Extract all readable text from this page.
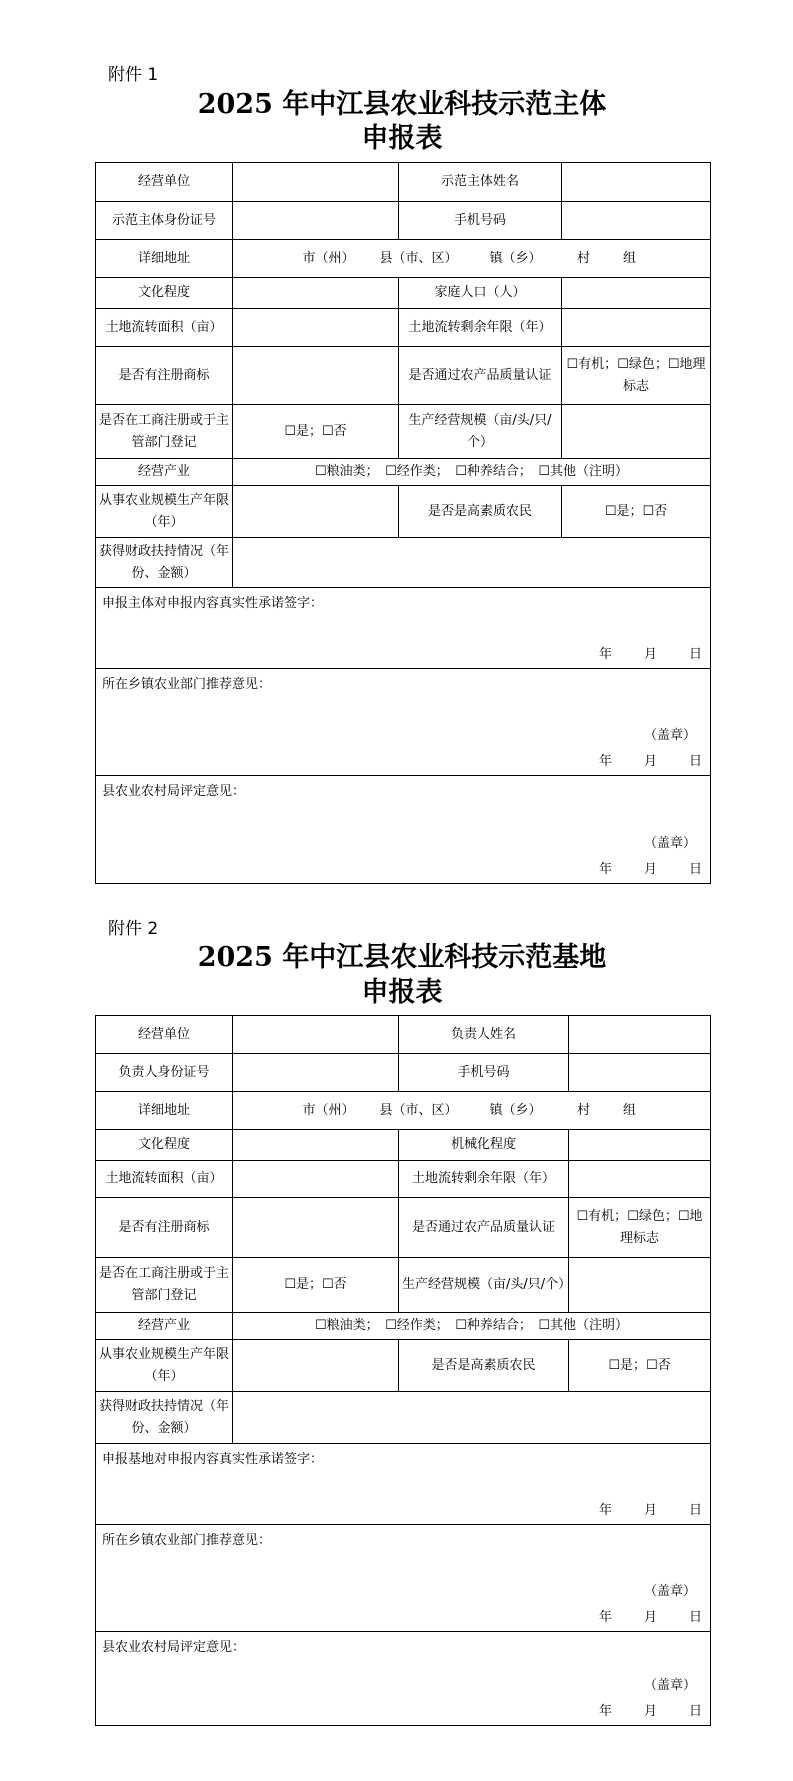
附件 1
2025 年中江县农业科技示范主体
申报表
经营单位		示范主体姓名	
示范主体身份证号		手机号码	
详细地址	市（州） 县（市、区） 镇（乡） 村 组		
文化程度		家庭人口（人）	
土地流转面积（亩）		土地流转剩余年限（年）	
是否有注册商标		是否通过农产品质量认证	☐有机；☐绿色；☐地理标志
是否在工商注册或于主管部门登记	☐是；☐否	生产经营规模（亩/头/只/个）	
经营产业	☐粮油类；　☐经作类；　☐种养结合；　☐其他（注明）		
从事农业规模生产年限（年）		是否是高素质农民	☐是；☐否
获得财政扶持情况（年份、金额）			

申报主体对申报内容真实性承诺签字：
年 月 日			

所在乡镇农业部门推荐意见：
（盖章）
年 月 日			

县农业农村局评定意见：
（盖章）
年 月 日			
附件 2
2025 年中江县农业科技示范基地
申报表
经营单位		负责人姓名	
负责人身份证号		手机号码	
详细地址	市（州） 县（市、区） 镇（乡） 村 组		
文化程度		机械化程度	
土地流转面积（亩）		土地流转剩余年限（年）	
是否有注册商标		是否通过农产品质量认证	☐有机；☐绿色；☐地理标志
是否在工商注册或于主管部门登记	☐是；☐否	生产经营规模（亩/头/只/个）	
经营产业	☐粮油类；　☐经作类；　☐种养结合；　☐其他（注明）		
从事农业规模生产年限（年）		是否是高素质农民	☐是；☐否
获得财政扶持情况（年份、金额）			

申报基地对申报内容真实性承诺签字：
年 月 日			

所在乡镇农业部门推荐意见：
（盖章）
年 月 日			

县农业农村局评定意见：
（盖章）
年 月 日			
